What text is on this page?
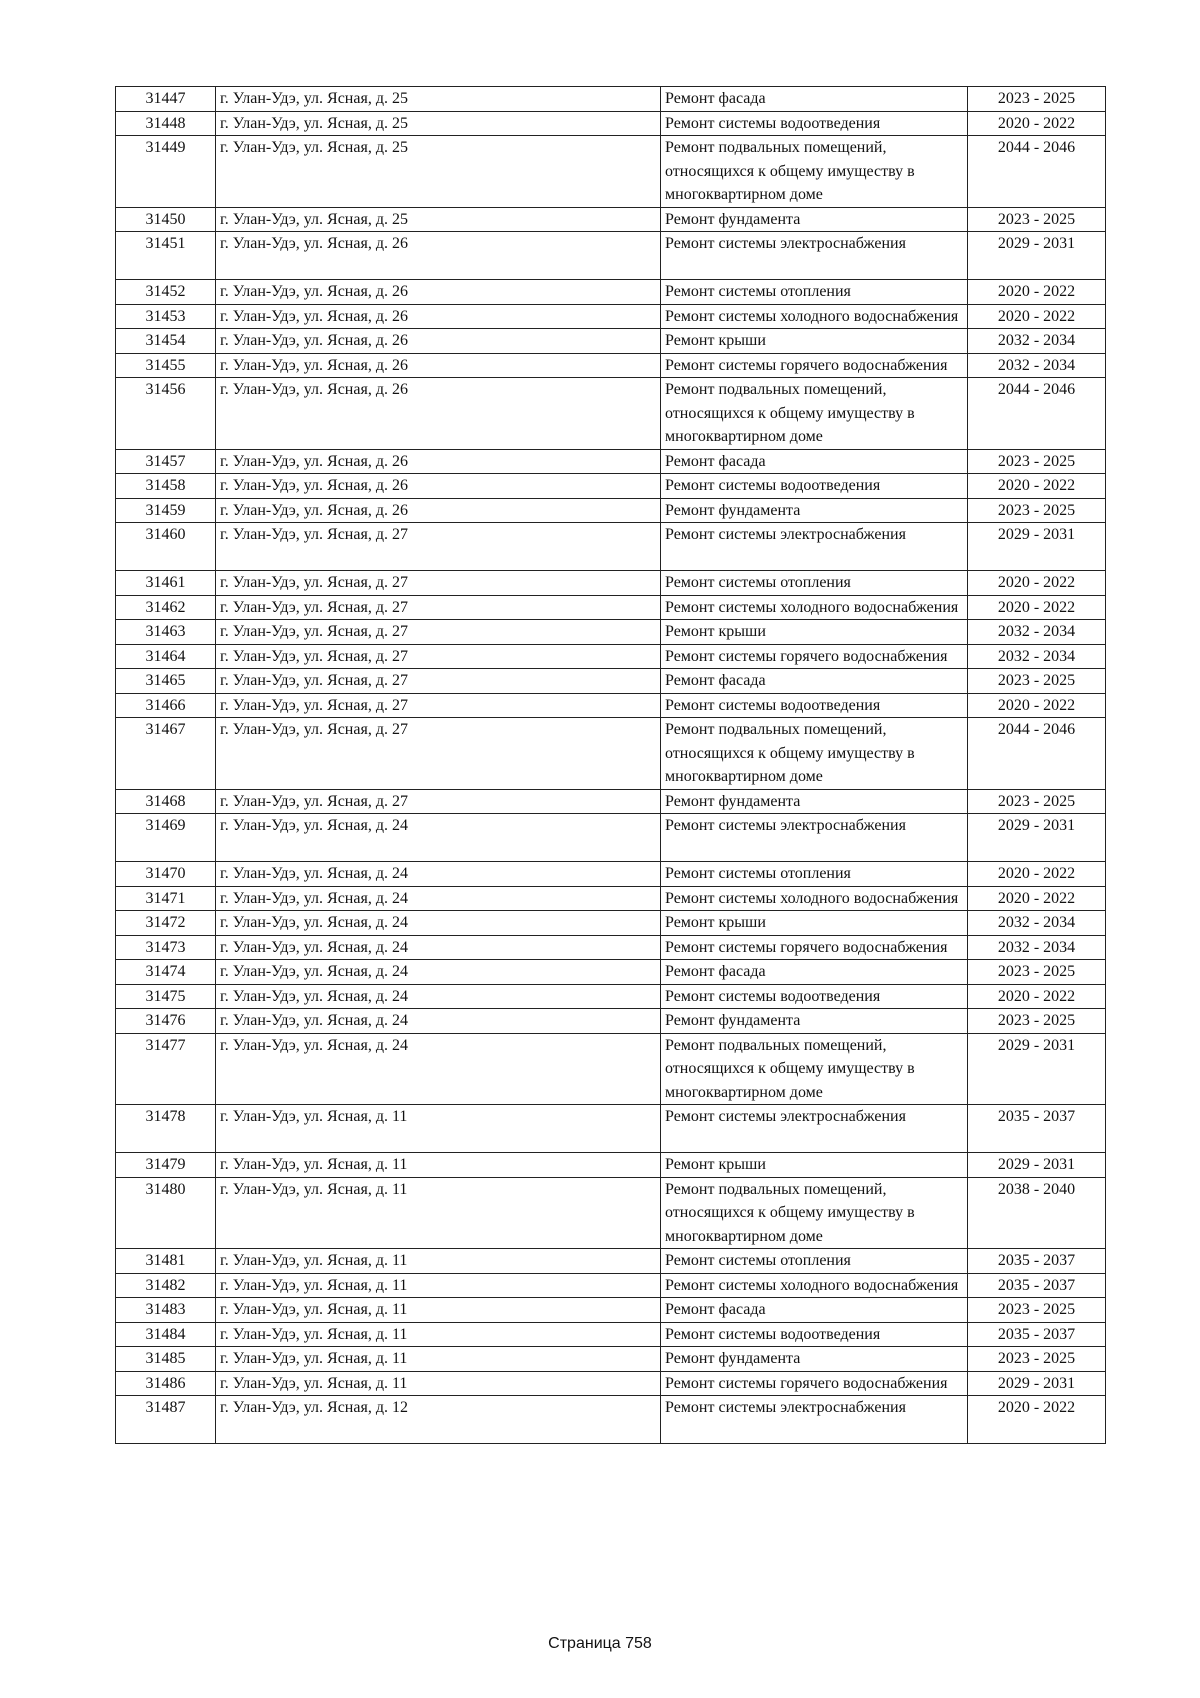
31447	г. Улан-Удэ, ул. Ясная, д. 25	Ремонт фасада	2023 - 2025
31448	г. Улан-Удэ, ул. Ясная, д. 25	Ремонт системы водоотведения	2020 - 2022
31449	г. Улан-Удэ, ул. Ясная, д. 25	Ремонт подвальных помещений, относящихся к общему имуществу в многоквартирном доме	2044 - 2046
31450	г. Улан-Удэ, ул. Ясная, д. 25	Ремонт фундамента	2023 - 2025
31451	г. Улан-Удэ, ул. Ясная, д. 26	Ремонт системы электроснабжения	2029 - 2031
31452	г. Улан-Удэ, ул. Ясная, д. 26	Ремонт системы отопления	2020 - 2022
31453	г. Улан-Удэ, ул. Ясная, д. 26	Ремонт системы холодного водоснабжения	2020 - 2022
31454	г. Улан-Удэ, ул. Ясная, д. 26	Ремонт крыши	2032 - 2034
31455	г. Улан-Удэ, ул. Ясная, д. 26	Ремонт системы горячего водоснабжения	2032 - 2034
31456	г. Улан-Удэ, ул. Ясная, д. 26	Ремонт подвальных помещений, относящихся к общему имуществу в многоквартирном доме	2044 - 2046
31457	г. Улан-Удэ, ул. Ясная, д. 26	Ремонт фасада	2023 - 2025
31458	г. Улан-Удэ, ул. Ясная, д. 26	Ремонт системы водоотведения	2020 - 2022
31459	г. Улан-Удэ, ул. Ясная, д. 26	Ремонт фундамента	2023 - 2025
31460	г. Улан-Удэ, ул. Ясная, д. 27	Ремонт системы электроснабжения	2029 - 2031
31461	г. Улан-Удэ, ул. Ясная, д. 27	Ремонт системы отопления	2020 - 2022
31462	г. Улан-Удэ, ул. Ясная, д. 27	Ремонт системы холодного водоснабжения	2020 - 2022
31463	г. Улан-Удэ, ул. Ясная, д. 27	Ремонт крыши	2032 - 2034
31464	г. Улан-Удэ, ул. Ясная, д. 27	Ремонт системы горячего водоснабжения	2032 - 2034
31465	г. Улан-Удэ, ул. Ясная, д. 27	Ремонт фасада	2023 - 2025
31466	г. Улан-Удэ, ул. Ясная, д. 27	Ремонт системы водоотведения	2020 - 2022
31467	г. Улан-Удэ, ул. Ясная, д. 27	Ремонт подвальных помещений, относящихся к общему имуществу в многоквартирном доме	2044 - 2046
31468	г. Улан-Удэ, ул. Ясная, д. 27	Ремонт фундамента	2023 - 2025
31469	г. Улан-Удэ, ул. Ясная, д. 24	Ремонт системы электроснабжения	2029 - 2031
31470	г. Улан-Удэ, ул. Ясная, д. 24	Ремонт системы отопления	2020 - 2022
31471	г. Улан-Удэ, ул. Ясная, д. 24	Ремонт системы холодного водоснабжения	2020 - 2022
31472	г. Улан-Удэ, ул. Ясная, д. 24	Ремонт крыши	2032 - 2034
31473	г. Улан-Удэ, ул. Ясная, д. 24	Ремонт системы горячего водоснабжения	2032 - 2034
31474	г. Улан-Удэ, ул. Ясная, д. 24	Ремонт фасада	2023 - 2025
31475	г. Улан-Удэ, ул. Ясная, д. 24	Ремонт системы водоотведения	2020 - 2022
31476	г. Улан-Удэ, ул. Ясная, д. 24	Ремонт фундамента	2023 - 2025
31477	г. Улан-Удэ, ул. Ясная, д. 24	Ремонт подвальных помещений, относящихся к общему имуществу в многоквартирном доме	2029 - 2031
31478	г. Улан-Удэ, ул. Ясная, д. 11	Ремонт системы электроснабжения	2035 - 2037
31479	г. Улан-Удэ, ул. Ясная, д. 11	Ремонт крыши	2029 - 2031
31480	г. Улан-Удэ, ул. Ясная, д. 11	Ремонт подвальных помещений, относящихся к общему имуществу в многоквартирном доме	2038 - 2040
31481	г. Улан-Удэ, ул. Ясная, д. 11	Ремонт системы отопления	2035 - 2037
31482	г. Улан-Удэ, ул. Ясная, д. 11	Ремонт системы холодного водоснабжения	2035 - 2037
31483	г. Улан-Удэ, ул. Ясная, д. 11	Ремонт фасада	2023 - 2025
31484	г. Улан-Удэ, ул. Ясная, д. 11	Ремонт системы водоотведения	2035 - 2037
31485	г. Улан-Удэ, ул. Ясная, д. 11	Ремонт фундамента	2023 - 2025
31486	г. Улан-Удэ, ул. Ясная, д. 11	Ремонт системы горячего водоснабжения	2029 - 2031
31487	г. Улан-Удэ, ул. Ясная, д. 12	Ремонт системы электроснабжения	2020 - 2022
Страница 758
